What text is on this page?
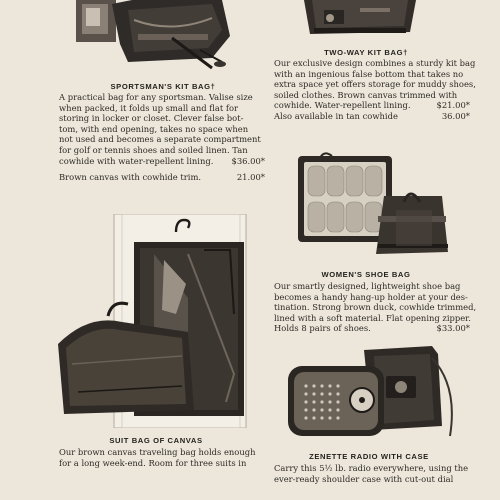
SPORTSMAN'S KIT BAG†
A practical bag for any sportsman. Valise size
when packed, it folds up small and flat for
storing in locker or closet. Clever false bot-
tom, with end opening, takes no space when
not used and becomes a separate compartment
for golf or tennis shoes and soiled linen. Tan
cowhide with water-repellent lining. $36.00*
Brown canvas with cowhide trim.	21.00*
TWO-WAY KIT BAG†
Our exclusive design combines a sturdy kit bag
with an ingenious false bottom that takes no
extra space yet offers storage for muddy shoes,
soiled clothes. Brown canvas trimmed with
cowhide. Water-repellent lining.	$21.00*
Also available in tan cowhide	36.00*
WOMEN'S SHOE BAG
Our smartly designed, lightweight shoe bag
becomes a handy hang-up holder at your des-
tination. Strong brown duck, cowhide trimmed,
lined with a soft material. Flat opening zipper.
Holds 8 pairs of shoes.	$33.00*
SUIT BAG OF CANVAS
Our brown canvas traveling bag holds enough
for a long week-end. Room for three suits in
ZENETTE RADIO WITH CASE
Carry this 5½ lb. radio everywhere, using the
ever-ready shoulder case with cut-out dial
